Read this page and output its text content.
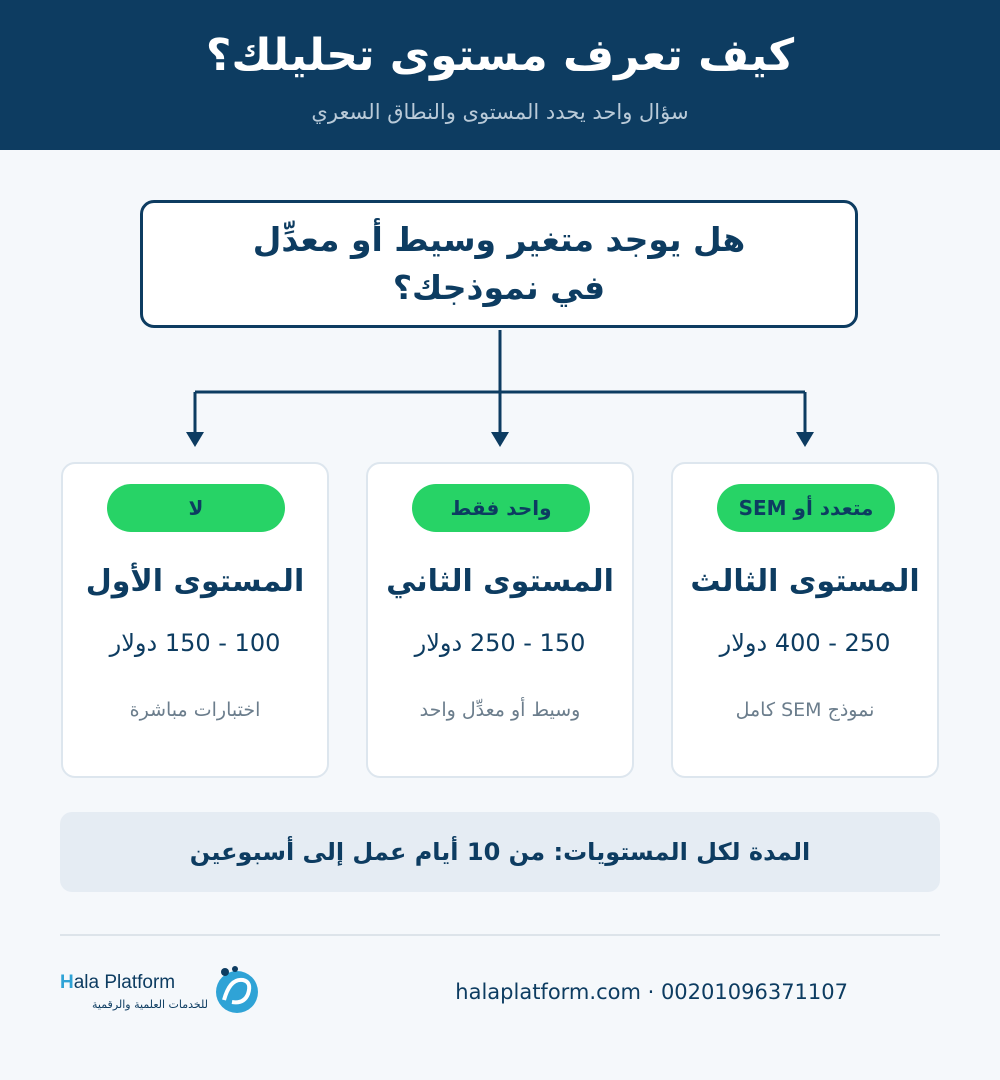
كيف تعرف مستوى تحليلك؟
سؤال واحد يحدد المستوى والنطاق السعري
هل يوجد متغير وسيط أو معدِّل
في نموذجك؟
لا
المستوى الأول
100 - 150 دولار
اختبارات مباشرة
واحد فقط
المستوى الثاني
150 - 250 دولار
وسيط أو معدِّل واحد
متعدد أو SEM
المستوى الثالث
250 - 400 دولار
نموذج SEM كامل
المدة لكل المستويات: من 10 أيام عمل إلى أسبوعين
Hala Platform
للخدمات العلمية والرقمية
halaplatform.com · 00201096371107
